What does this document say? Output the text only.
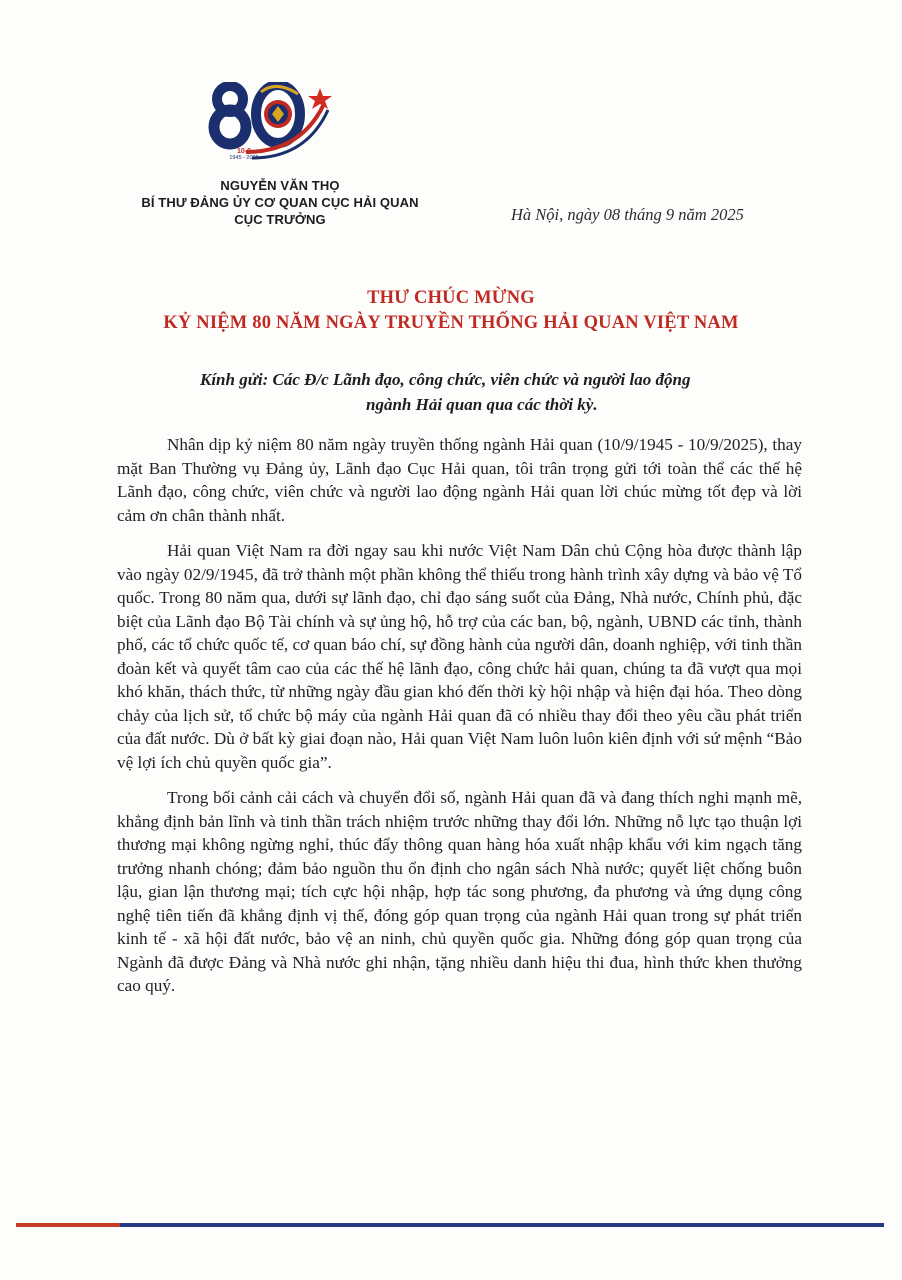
10-9
1945 - 2025
NGUYỄN VĂN THỌ
BÍ THƯ ĐẢNG ỦY CƠ QUAN CỤC HẢI QUAN
CỤC TRƯỞNG	Hà Nội, ngày 08 tháng 9 năm 2025
THƯ CHÚC MỪNG
KỶ NIỆM 80 NĂM NGÀY TRUYỀN THỐNG HẢI QUAN VIỆT NAM
Kính gửi: Các Đ/c Lãnh đạo, công chức, viên chức và người lao động
ngành Hải quan qua các thời kỳ.

Nhân dịp kỷ niệm 80 năm ngày truyền thống ngành Hải quan (10/9/1945 - 10/9/2025), thay mặt Ban Thường vụ Đảng ủy, Lãnh đạo Cục Hải quan, tôi trân trọng gửi tới toàn thể các thế hệ Lãnh đạo, công chức, viên chức và người lao động ngành Hải quan lời chúc mừng tốt đẹp và lời cảm ơn chân thành nhất.

Hải quan Việt Nam ra đời ngay sau khi nước Việt Nam Dân chủ Cộng hòa được thành lập vào ngày 02/9/1945, đã trở thành một phần không thể thiếu trong hành trình xây dựng và bảo vệ Tổ quốc. Trong 80 năm qua, dưới sự lãnh đạo, chỉ đạo sáng suốt của Đảng, Nhà nước, Chính phủ, đặc biệt của Lãnh đạo Bộ Tài chính và sự ủng hộ, hỗ trợ của các ban, bộ, ngành, UBND các tỉnh, thành phố, các tổ chức quốc tế, cơ quan báo chí, sự đồng hành của người dân, doanh nghiệp, với tinh thần đoàn kết và quyết tâm cao của các thế hệ lãnh đạo, công chức hải quan, chúng ta đã vượt qua mọi khó khăn, thách thức, từ những ngày đầu gian khó đến thời kỳ hội nhập và hiện đại hóa. Theo dòng chảy của lịch sử, tổ chức bộ máy của ngành Hải quan đã có nhiều thay đổi theo yêu cầu phát triển của đất nước. Dù ở bất kỳ giai đoạn nào, Hải quan Việt Nam luôn luôn kiên định với sứ mệnh “Bảo vệ lợi ích chủ quyền quốc gia”.

Trong bối cảnh cải cách và chuyển đổi số, ngành Hải quan đã và đang thích nghi mạnh mẽ, khẳng định bản lĩnh và tinh thần trách nhiệm trước những thay đổi lớn. Những nỗ lực tạo thuận lợi thương mại không ngừng nghỉ, thúc đẩy thông quan hàng hóa xuất nhập khẩu với kim ngạch tăng trưởng nhanh chóng; đảm bảo nguồn thu ổn định cho ngân sách Nhà nước; quyết liệt chống buôn lậu, gian lận thương mại; tích cực hội nhập, hợp tác song phương, đa phương và ứng dụng công nghệ tiên tiến đã khẳng định vị thế, đóng góp quan trọng của ngành Hải quan trong sự phát triển kinh tế - xã hội đất nước, bảo vệ an ninh, chủ quyền quốc gia. Những đóng góp quan trọng của Ngành đã được Đảng và Nhà nước ghi nhận, tặng nhiều danh hiệu thi đua, hình thức khen thưởng cao quý.
